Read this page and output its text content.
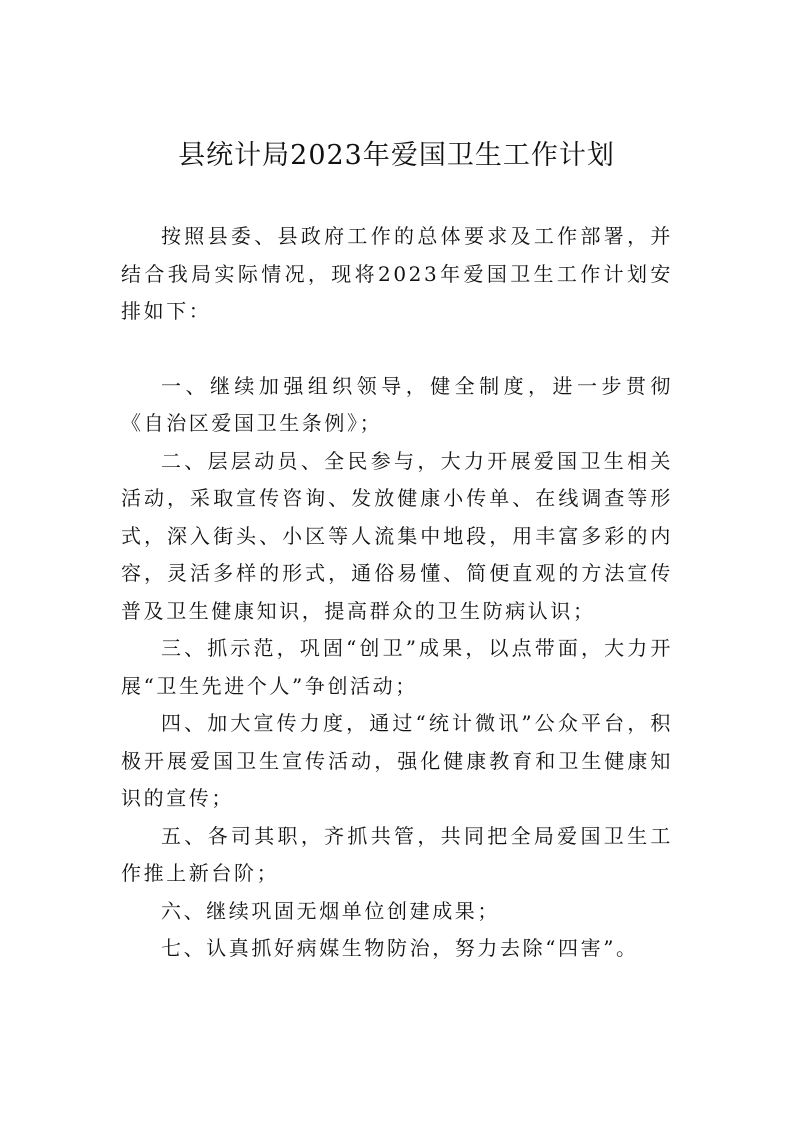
县统计局2023年爱国卫生工作计划

按照县委、县政府工作的总体要求及工作部署，并结合我局实际情况，现将2023年爱国卫生工作计划安排如下：

一、继续加强组织领导，健全制度，进一步贯彻《自治区爱国卫生条例》；

二、层层动员、全民参与，大力开展爱国卫生相关活动，采取宣传咨询、发放健康小传单、在线调查等形式，深入街头、小区等人流集中地段，用丰富多彩的内容，灵活多样的形式，通俗易懂、简便直观的方法宣传普及卫生健康知识，提高群众的卫生防病认识；

三、抓示范，巩固“创卫”成果，以点带面，大力开展“卫生先进个人”争创活动；

四、加大宣传力度，通过“统计微讯”公众平台，积极开展爱国卫生宣传活动，强化健康教育和卫生健康知识的宣传；

五、各司其职，齐抓共管，共同把全局爱国卫生工作推上新台阶；

六、继续巩固无烟单位创建成果；

七、认真抓好病媒生物防治，努力去除“四害”。
